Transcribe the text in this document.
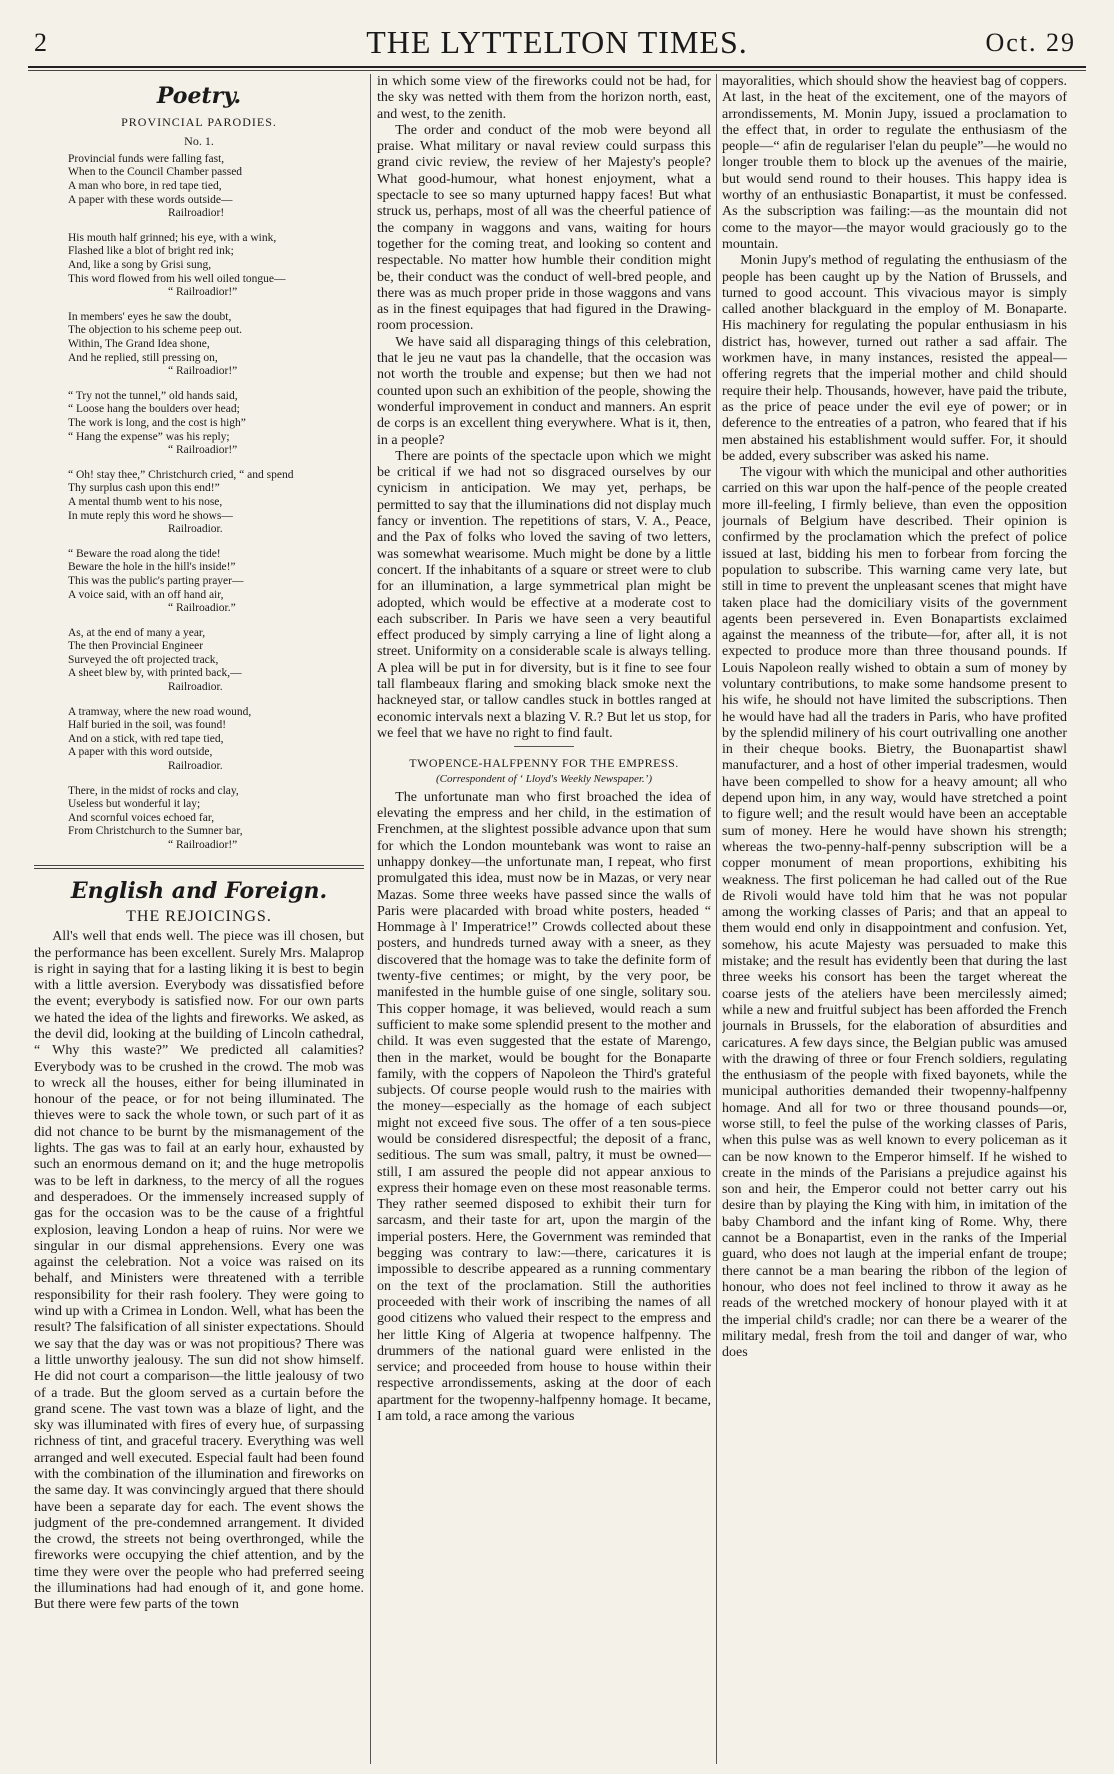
2	THE LYTTELTON TIMES.	Oct. 29
Poetry.
PROVINCIAL PARODIES.
No. 1.
Provincial funds were falling fast,
When to the Council Chamber passed
A man who bore, in red tape tied,
A paper with these words outside—
Railroadior!
His mouth half grinned; his eye, with a wink,
Flashed like a blot of bright red ink;
And, like a song by Grisi sung,
This word flowed from his well oiled tongue—
“ Railroadior!”
In members' eyes he saw the doubt,
The objection to his scheme peep out.
Within, The Grand Idea shone,
And he replied, still pressing on,
“ Railroadior!”
“ Try not the tunnel,” old hands said,
“ Loose hang the boulders over head;
The work is long, and the cost is high”
“ Hang the expense” was his reply;
“ Railroadior!”
“ Oh! stay thee,” Christchurch cried, “ and spend
Thy surplus cash upon this end!”
A mental thumb went to his nose,
In mute reply this word he shows—
Railroadior.
“ Beware the road along the tide!
Beware the hole in the hill's inside!”
This was the public's parting prayer—
A voice said, with an off hand air,
“ Railroadior.”
As, at the end of many a year,
The then Provincial Engineer
Surveyed the oft projected track,
A sheet blew by, with printed back,—
Railroadior.
A tramway, where the new road wound,
Half buried in the soil, was found!
And on a stick, with red tape tied,
A paper with this word outside,
Railroadior.
There, in the midst of rocks and clay,
Useless but wonderful it lay;
And scornful voices echoed far,
From Christchurch to the Sumner bar,
“ Railroadior!”
English and Foreign.
THE REJOICINGS.

All's well that ends well. The piece was ill chosen, but the performance has been excellent. Surely Mrs. Malaprop is right in saying that for a lasting liking it is best to begin with a little aversion. Everybody was dissatisfied before the event; everybody is satisfied now. For our own parts we hated the idea of the lights and fireworks. We asked, as the devil did, looking at the building of Lincoln cathedral, “ Why this waste?” We predicted all calamities? Everybody was to be crushed in the crowd. The mob was to wreck all the houses, either for being illuminated in honour of the peace, or for not being illuminated. The thieves were to sack the whole town, or such part of it as did not chance to be burnt by the mismanagement of the lights. The gas was to fail at an early hour, exhausted by such an enormous demand on it; and the huge metropolis was to be left in darkness, to the mercy of all the rogues and desperadoes. Or the immensely increased supply of gas for the occasion was to be the cause of a frightful explosion, leaving London a heap of ruins. Nor were we singular in our dismal apprehensions. Every one was against the celebration. Not a voice was raised on its behalf, and Ministers were threatened with a terrible responsibility for their rash foolery. They were going to wind up with a Crimea in London. Well, what has been the result? The falsification of all sinister expectations. Should we say that the day was or was not propitious? There was a little unworthy jealousy. The sun did not show himself. He did not court a comparison—the little jealousy of two of a trade. But the gloom served as a curtain before the grand scene. The vast town was a blaze of light, and the sky was illuminated with fires of every hue, of surpassing richness of tint, and graceful tracery. Everything was well arranged and well executed. Especial fault had been found with the combination of the illumination and fireworks on the same day. It was convincingly argued that there should have been a separate day for each. The event shows the judgment of the pre-condemned arrangement. It divided the crowd, the streets not being overthronged, while the fireworks were occupying the chief attention, and by the time they were over the people who had preferred seeing the illuminations had had enough of it, and gone home. But there were few parts of the town

in which some view of the fireworks could not be had, for the sky was netted with them from the horizon north, east, and west, to the zenith.

The order and conduct of the mob were beyond all praise. What military or naval review could surpass this grand civic review, the review of her Majesty's people? What good-humour, what honest enjoyment, what a spectacle to see so many upturned happy faces! But what struck us, perhaps, most of all was the cheerful patience of the company in waggons and vans, waiting for hours together for the coming treat, and looking so content and respectable. No matter how humble their condition might be, their conduct was the conduct of well-bred people, and there was as much proper pride in those waggons and vans as in the finest equipages that had figured in the Drawing-room procession.

We have said all disparaging things of this celebration, that le jeu ne vaut pas la chandelle, that the occasion was not worth the trouble and expense; but then we had not counted upon such an exhibition of the people, showing the wonderful improvement in conduct and manners. An esprit de corps is an excellent thing everywhere. What is it, then, in a people?

There are points of the spectacle upon which we might be critical if we had not so disgraced ourselves by our cynicism in anticipation. We may yet, perhaps, be permitted to say that the illuminations did not display much fancy or invention. The repetitions of stars, V. A., Peace, and the Pax of folks who loved the saving of two letters, was somewhat wearisome. Much might be done by a little concert. If the inhabitants of a square or street were to club for an illumination, a large symmetrical plan might be adopted, which would be effective at a moderate cost to each subscriber. In Paris we have seen a very beautiful effect produced by simply carrying a line of light along a street. Uniformity on a considerable scale is always telling. A plea will be put in for diversity, but is it fine to see four tall flambeaux flaring and smoking black smoke next the hackneyed star, or tallow candles stuck in bottles ranged at economic intervals next a blazing V. R.? But let us stop, for we feel that we have no right to find fault.

TWOPENCE-HALFPENNY FOR THE EMPRESS.
(Correspondent of ‘ Lloyd's Weekly Newspaper.’)

The unfortunate man who first broached the idea of elevating the empress and her child, in the estimation of Frenchmen, at the slightest possible advance upon that sum for which the London mountebank was wont to raise an unhappy donkey—the unfortunate man, I repeat, who first promulgated this idea, must now be in Mazas, or very near Mazas. Some three weeks have passed since the walls of Paris were placarded with broad white posters, headed “ Hommage à l' Imperatrice!” Crowds collected about these posters, and hundreds turned away with a sneer, as they discovered that the homage was to take the definite form of twenty-five centimes; or might, by the very poor, be manifested in the humble guise of one single, solitary sou. This copper homage, it was believed, would reach a sum sufficient to make some splendid present to the mother and child. It was even suggested that the estate of Marengo, then in the market, would be bought for the Bonaparte family, with the coppers of Napoleon the Third's grateful subjects. Of course people would rush to the mairies with the money—especially as the homage of each subject might not exceed five sous. The offer of a ten sous-piece would be considered disrespectful; the deposit of a franc, seditious. The sum was small, paltry, it must be owned—still, I am assured the people did not appear anxious to express their homage even on these most reasonable terms. They rather seemed disposed to exhibit their turn for sarcasm, and their taste for art, upon the margin of the imperial posters. Here, the Government was reminded that begging was contrary to law:—there, caricatures it is impossible to describe appeared as a running commentary on the text of the proclamation. Still the authorities proceeded with their work of inscribing the names of all good citizens who valued their respect to the empress and her little King of Algeria at twopence halfpenny. The drummers of the national guard were enlisted in the service; and proceeded from house to house within their respective arrondissements, asking at the door of each apartment for the twopenny-halfpenny homage. It became, I am told, a race among the various

mayoralities, which should show the heaviest bag of coppers. At last, in the heat of the excitement, one of the mayors of arrondissements, M. Monin Jupy, issued a proclamation to the effect that, in order to regulate the enthusiasm of the people—“ afin de regulariser l'elan du peuple”—he would no longer trouble them to block up the avenues of the mairie, but would send round to their houses. This happy idea is worthy of an enthusiastic Bonapartist, it must be confessed. As the subscription was failing:—as the mountain did not come to the mayor—the mayor would graciously go to the mountain.

Monin Jupy's method of regulating the enthusiasm of the people has been caught up by the Nation of Brussels, and turned to good account. This vivacious mayor is simply called another blackguard in the employ of M. Bonaparte. His machinery for regulating the popular enthusiasm in his district has, however, turned out rather a sad affair. The workmen have, in many instances, resisted the appeal—offering regrets that the imperial mother and child should require their help. Thousands, however, have paid the tribute, as the price of peace under the evil eye of power; or in deference to the entreaties of a patron, who feared that if his men abstained his establishment would suffer. For, it should be added, every subscriber was asked his name.

The vigour with which the municipal and other authorities carried on this war upon the half-pence of the people created more ill-feeling, I firmly believe, than even the opposition journals of Belgium have described. Their opinion is confirmed by the proclamation which the prefect of police issued at last, bidding his men to forbear from forcing the population to subscribe. This warning came very late, but still in time to prevent the unpleasant scenes that might have taken place had the domiciliary visits of the government agents been persevered in. Even Bonapartists exclaimed against the meanness of the tribute—for, after all, it is not expected to produce more than three thousand pounds. If Louis Napoleon really wished to obtain a sum of money by voluntary contributions, to make some handsome present to his wife, he should not have limited the subscriptions. Then he would have had all the traders in Paris, who have profited by the splendid milinery of his court outrivalling one another in their cheque books. Bietry, the Buonapartist shawl manufacturer, and a host of other imperial tradesmen, would have been compelled to show for a heavy amount; all who depend upon him, in any way, would have stretched a point to figure well; and the result would have been an acceptable sum of money. Here he would have shown his strength; whereas the two-penny-half-penny subscription will be a copper monument of mean proportions, exhibiting his weakness. The first policeman he had called out of the Rue de Rivoli would have told him that he was not popular among the working classes of Paris; and that an appeal to them would end only in disappointment and confusion. Yet, somehow, his acute Majesty was persuaded to make this mistake; and the result has evidently been that during the last three weeks his consort has been the target whereat the coarse jests of the ateliers have been mercilessly aimed; while a new and fruitful subject has been afforded the French journals in Brussels, for the elaboration of absurdities and caricatures. A few days since, the Belgian public was amused with the drawing of three or four French soldiers, regulating the enthusiasm of the people with fixed bayonets, while the municipal authorities demanded their twopenny-halfpenny homage. And all for two or three thousand pounds—or, worse still, to feel the pulse of the working classes of Paris, when this pulse was as well known to every policeman as it can be now known to the Emperor himself. If he wished to create in the minds of the Parisians a prejudice against his son and heir, the Emperor could not better carry out his desire than by playing the King with him, in imitation of the baby Chambord and the infant king of Rome. Why, there cannot be a Bonapartist, even in the ranks of the Imperial guard, who does not laugh at the imperial enfant de troupe; there cannot be a man bearing the ribbon of the legion of honour, who does not feel inclined to throw it away as he reads of the wretched mockery of honour played with it at the imperial child's cradle; nor can there be a wearer of the military medal, fresh from the toil and danger of war, who does
